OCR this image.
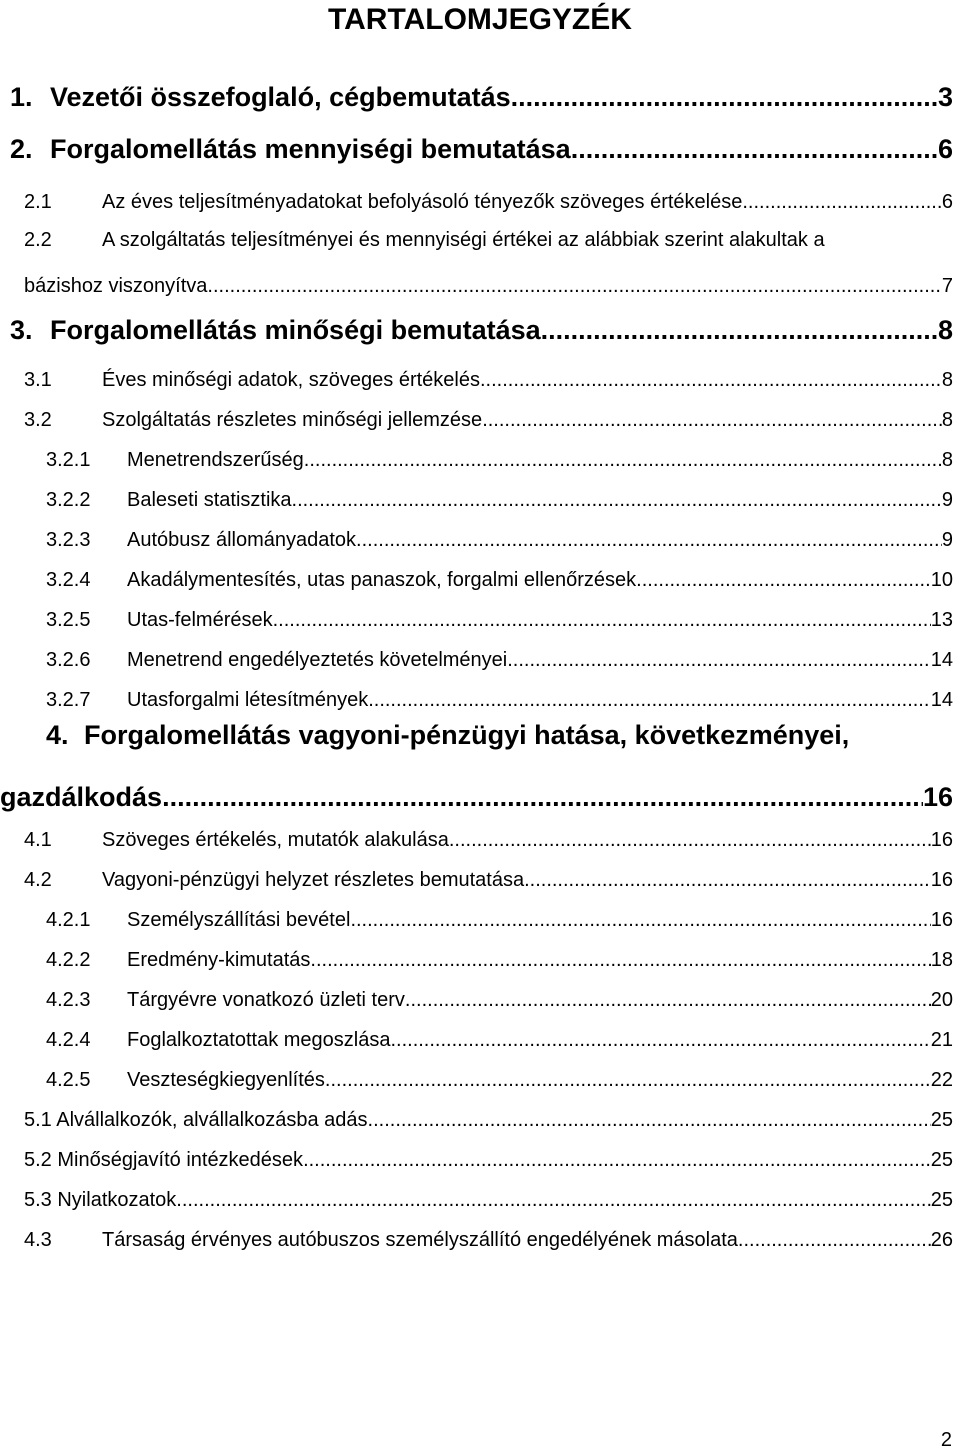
TARTALOMJEGYZÉK
1. Vezetői összefoglaló, cégbemutatás .....	3
2. Forgalomellátás mennyiségi bemutatása .....	6
2.1	Az éves teljesítményadatokat befolyásoló tényezők szöveges értékelése .....	6
2.2	A szolgáltatás teljesítményei és mennyiségi értékei az alábbiak szerint alakultak a
bázishoz viszonyítva .....	7
3. Forgalomellátás minőségi bemutatása .....	8
3.1	Éves minőségi adatok, szöveges értékelés .....	8
3.2	Szolgáltatás részletes minőségi jellemzése .....	8
3.2.1	Menetrendszerűség .....	8
3.2.2	Baleseti statisztika .....	9
3.2.3	Autóbusz állományadatok .....	9
3.2.4	Akadálymentesítés, utas panaszok, forgalmi ellenőrzések .....	10
3.2.5	Utas-felmérések .....	13
3.2.6	Menetrend engedélyeztetés követelményei .....	14
3.2.7	Utasforgalmi létesítmények .....	14
4. Forgalomellátás vagyoni-pénzügyi hatása, következményei,
gazdálkodás .....	16
4.1	Szöveges értékelés, mutatók alakulása .....	16
4.2	Vagyoni-pénzügyi helyzet részletes bemutatása .....	16
4.2.1	Személyszállítási bevétel .....	16
4.2.2	Eredmény-kimutatás .....	18
4.2.3	Tárgyévre vonatkozó üzleti terv .....	20
4.2.4	Foglalkoztatottak megoszlása .....	21
4.2.5	Veszteségkiegyenlítés .....	22
5.1 Alvállalkozók, alvállalkozásba adás .....	25
5.2 Minőségjavító intézkedések .....	25
5.3 Nyilatkozatok .....	25
4.3	Társaság érvényes autóbuszos személyszállító engedélyének másolata .....	26
2
